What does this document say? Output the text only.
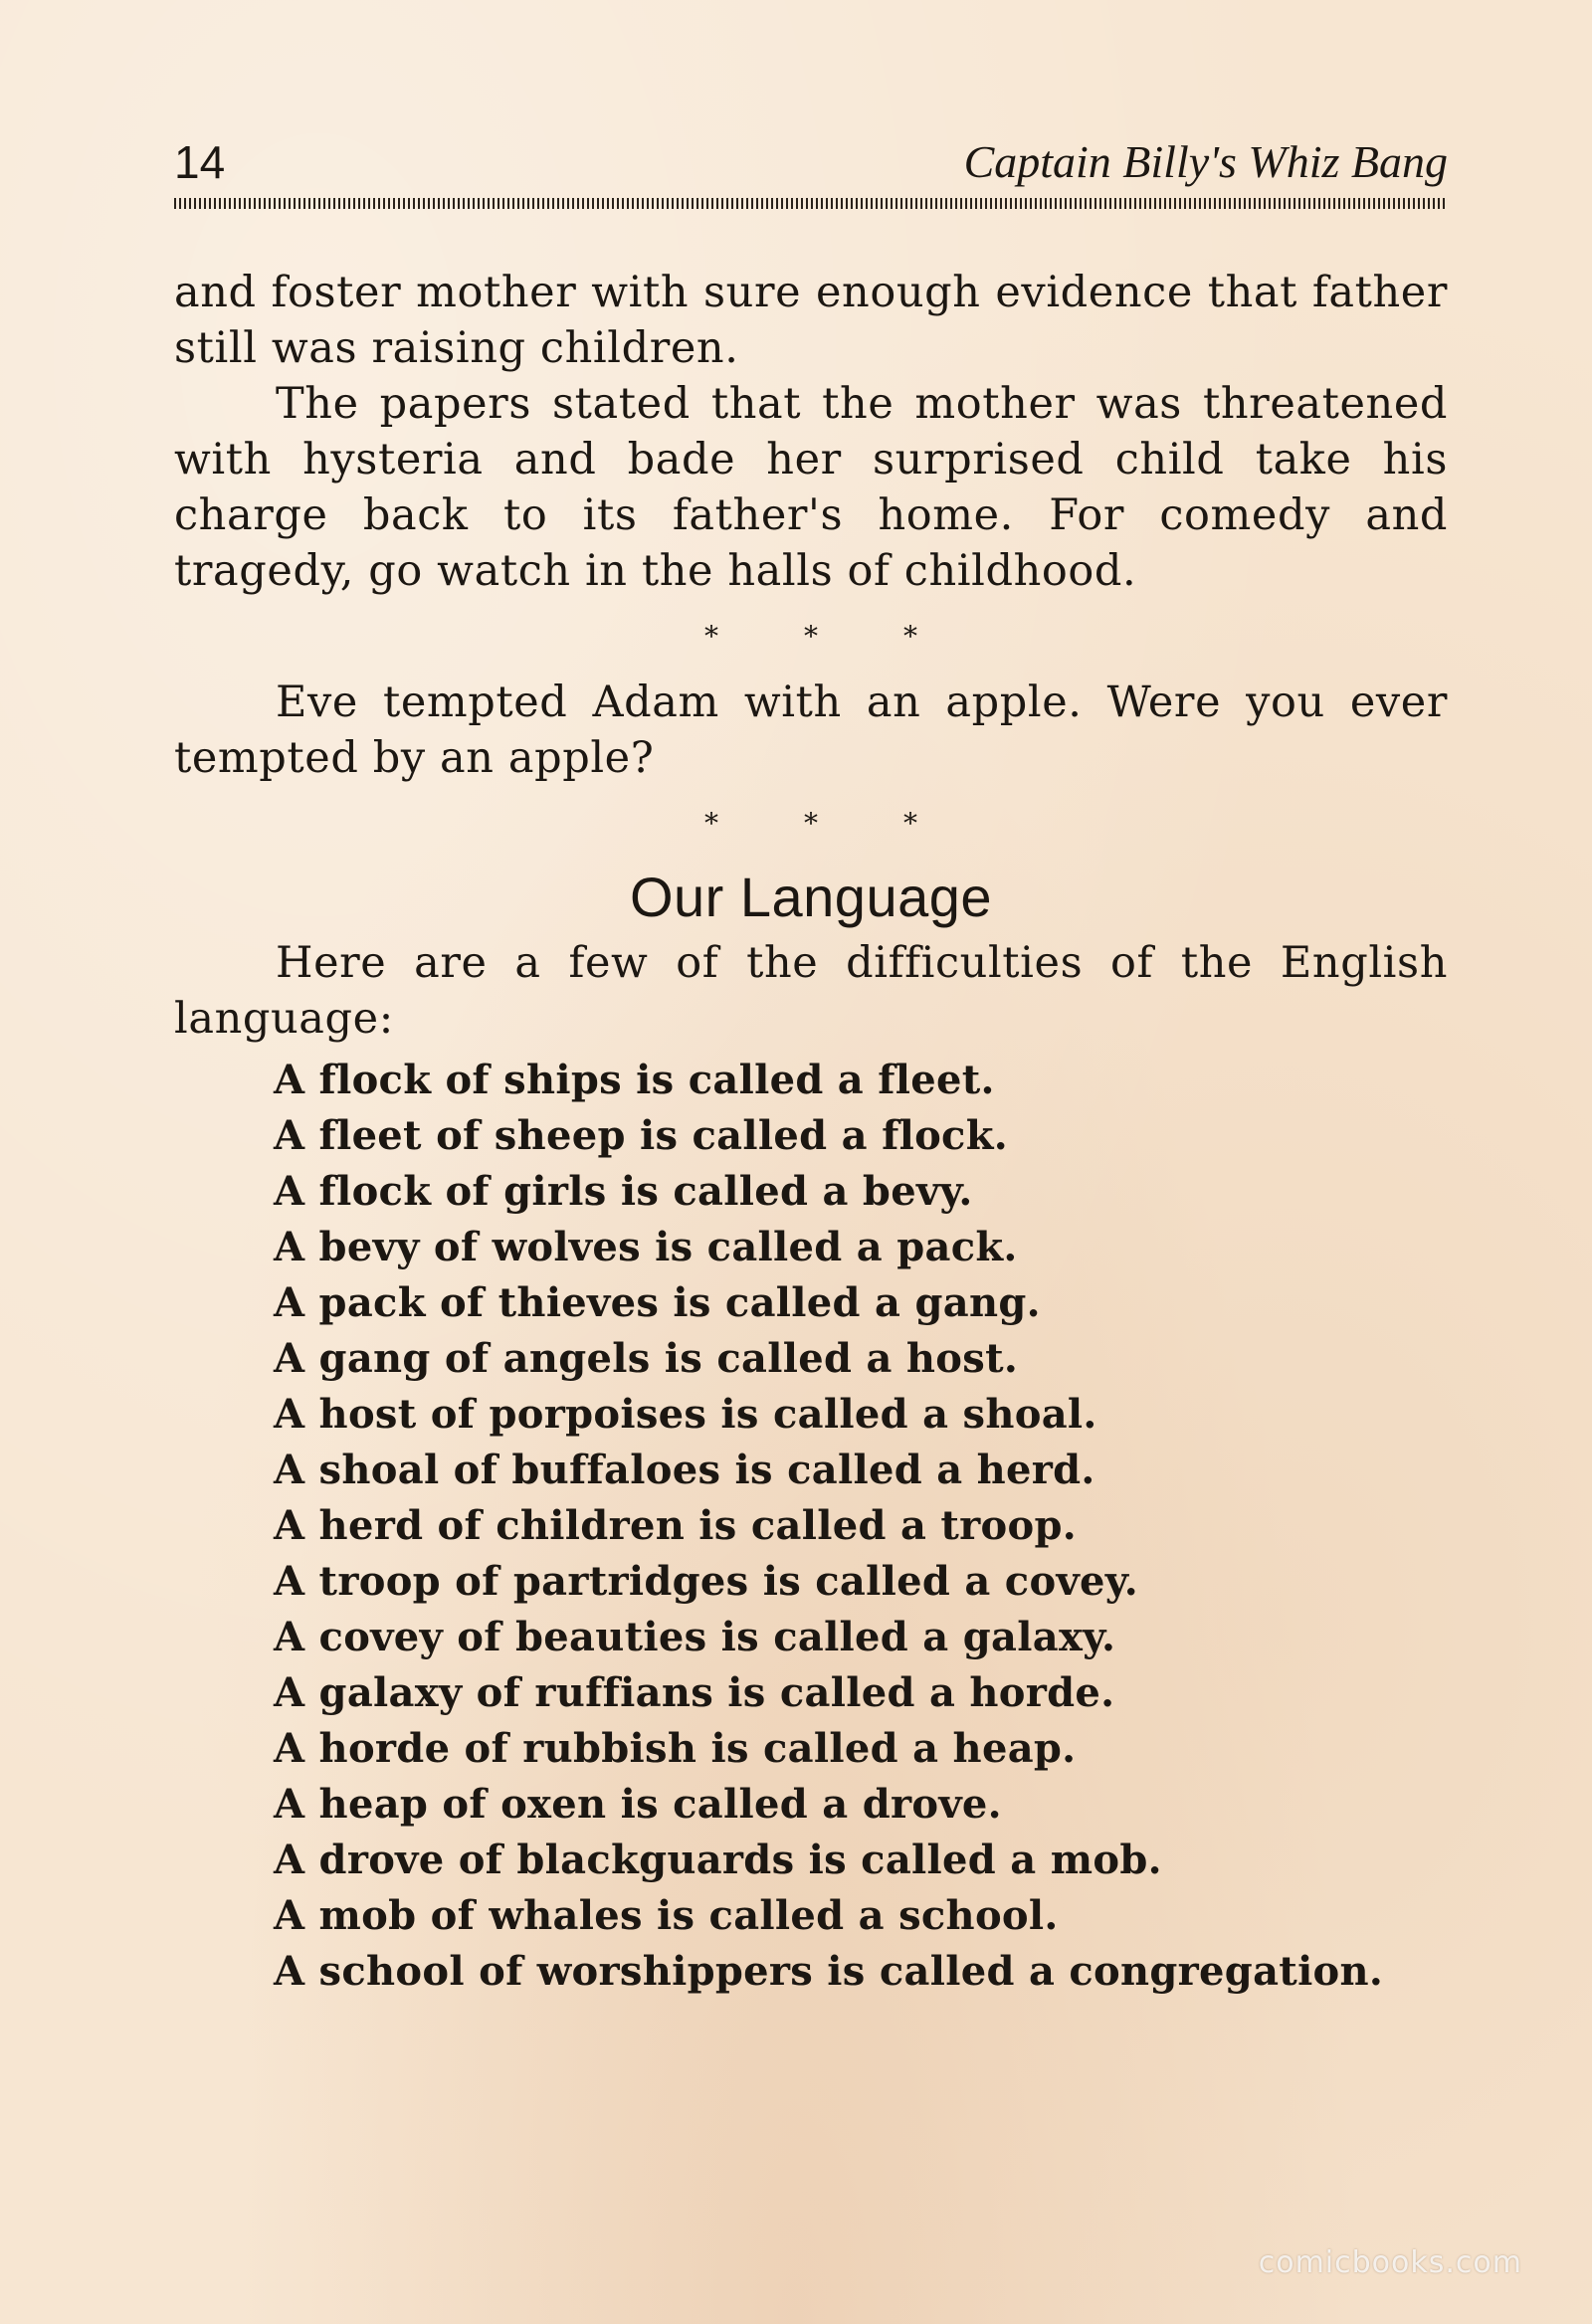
14	Captain Billy's Whiz Bang

and foster mother with sure enough evidence that father still was raising children.

The papers stated that the mother was threatened with hysteria and bade her surprised child take his charge back to its father's home. For comedy and tragedy, go watch in the halls of childhood.

*	*	*

Eve tempted Adam with an apple. Were you ever tempted by an apple?

*	*	*
Our Language

Here are a few of the difficulties of the English language:

A flock of ships is called a fleet.
A fleet of sheep is called a flock.
A flock of girls is called a bevy.
A bevy of wolves is called a pack.
A pack of thieves is called a gang.
A gang of angels is called a host.
A host of porpoises is called a shoal.
A shoal of buffaloes is called a herd.
A herd of children is called a troop.
A troop of partridges is called a covey.
A covey of beauties is called a galaxy.
A galaxy of ruffians is called a horde.
A horde of rubbish is called a heap.
A heap of oxen is called a drove.
A drove of blackguards is called a mob.
A mob of whales is called a school.
A school of worshippers is called a congregation.
comicbooks.com
